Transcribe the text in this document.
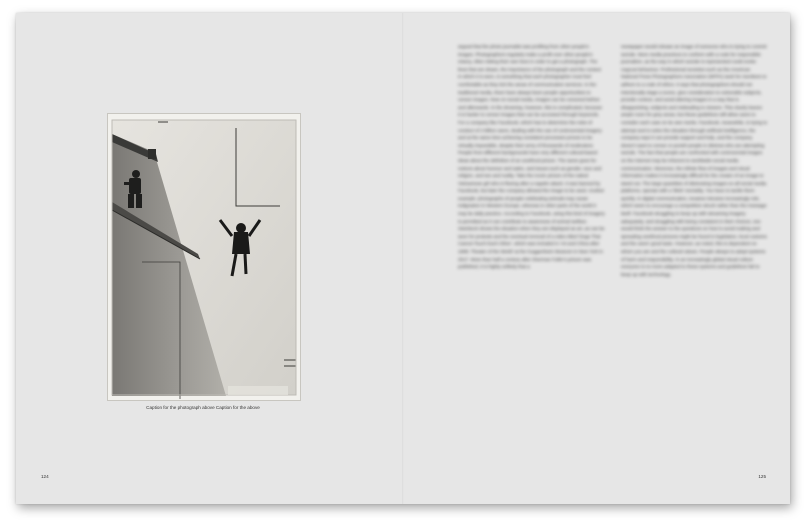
Caption for the photograph above Caption for the above
124

argued that the photo journalist was profiting from other people's images. Photographers regularly make a profit over other people's misery, often risking their own lives in order to get a photograph. The lines that are drawn, the importance of the photograph and the context in which it is seen, is something that each photographer must feel comfortable as they tick the areas of communication services. In the traditional media, there have always been people opportunities to censor images. Now on social media, images can be censored before and afterwards. In the drowning, however, this is complicated, because it is harder to censor images that can be accessed through keywords. For a company like Facebook, which has to determine the rules of conduct of 2 billion users, dealing with the use of controversial imagery and at the same time achieving consistent processes proves to be virtually impossible, despite their army of thousands of moderators. People from different backgrounds have very different cultural-based ideas about the definition of an unethical picture. The same goes for notions about humour and satire, and issues such as gender, race and religion, and sex and nudity. Take the iconic picture of the naked Vietnamese girl who is fleeing after a napalm attack. It was banned by Facebook, but later the company allowed the image to be used. Another example: photographs of people celebrating animals may cause indignation in Western Europe, whereas in other parts of the world it may be daily practice. According to Facebook, using this kind of imagery is permitted as it can contribute to awareness of animal welfare. Steinbeck shows the situation when they are displayed as art, as can be seen for protests and the eventual removal of a video titled 'Dogs That Cannot Touch Each Other', which was included in 'Art and China after 1989: Theater of the World' at the Guggenheim Museum in New York in 2017. More than half a century after Sherman Fuller's picture was published, it is highly unlikely that a

newspaper would release an image of someone who is trying to commit suicide. More media practices to conform with a code for responsible journalism, as the way in which suicide is represented could evoke copycat behaviour. Professional societies such as the American National Press Photographers Association (NPPA) seek for members to adhere to a code of ethics. It says that photographers should not intentionally stage a scene, give consideration to vulnerable subjects, provide context, and avoid altering images in a way that is disappointing, subjects and misleading to viewers. This clearly leaves ample room for grey areas, but these guidelines still allow users to consider each case on its own merits. Facebook, meanwhile, is trying to attempt and to solve the situation through artificial intelligence, the company says it can provide support and help, and the company doesn't want to censor or punish people in distress who are attempting suicide. The fact that people are confronted with controversial images on the Internet may be inherent to worldwide social media communication. Moreover, the infinite flow of images and visual information makes it increasingly difficult for the creator of an image to stand out. The large quantities of distressing images on all social media platforms, operate with a 'blink' mentality. You have to tackle them quickly. In digital communication, invasive intrusive increasingly rule, which seem to encourage a competition struck rather than the message itself. Facebook struggling to keep up with streaming imagery adequately, and struggling with being consistent in their choices, one would think the answer to the questions on how to avoid making and spreading unethical pictures might be found in legislation, local customs and the users' good taste. However, as noted, this is dependent on whom you are and the cultural values. People always to adopt systems of harm and responsibility. In an increasingly global visual culture everyone is no more adapted to these systems and guidelines fail to keep up with technology.

125
